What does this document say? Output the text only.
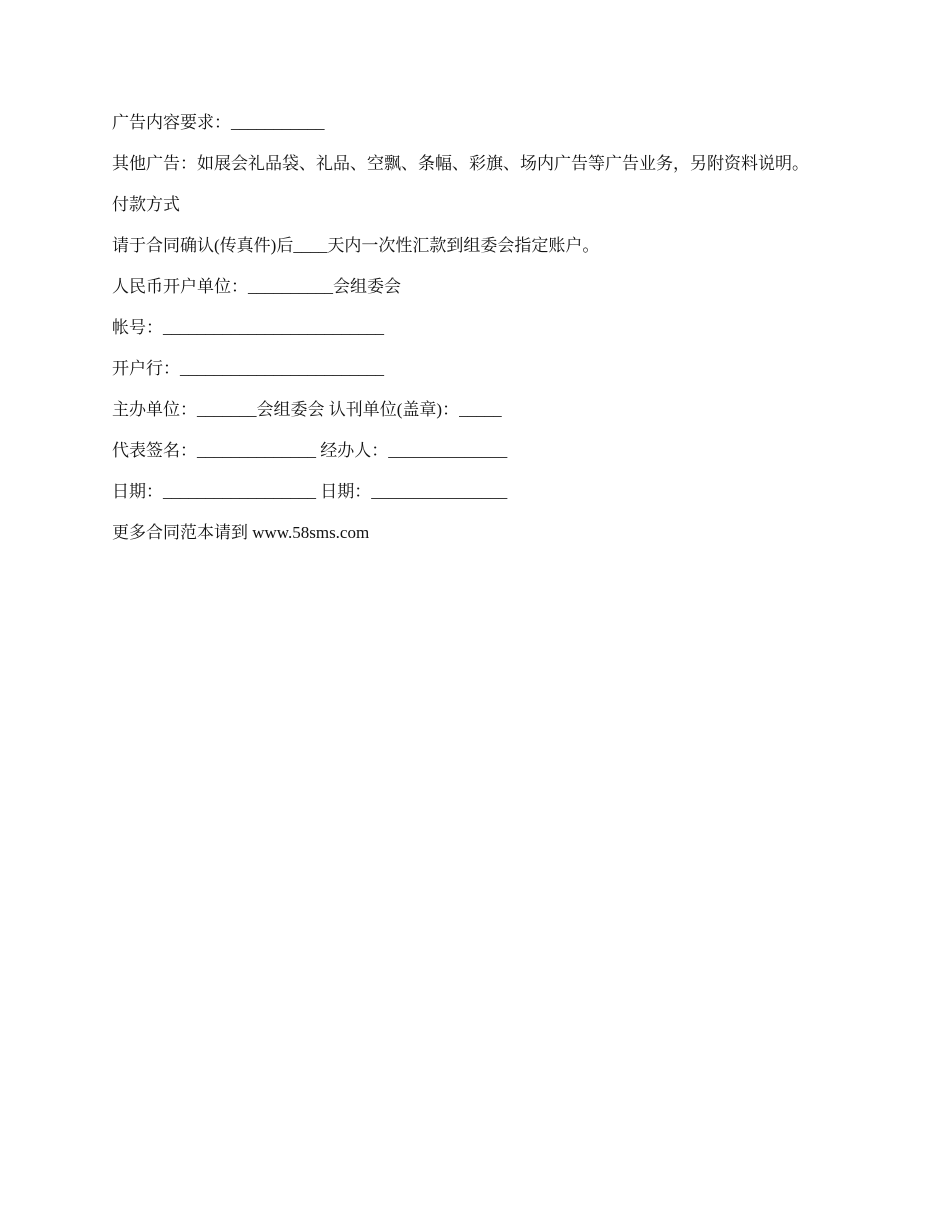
广告内容要求：___________

其他广告：如展会礼品袋、礼品、空飘、条幅、彩旗、场内广告等广告业务，另附资料说明。

付款方式

请于合同确认(传真件)后____天内一次性汇款到组委会指定账户。

人民币开户单位：__________会组委会

帐号：__________________________

开户行：________________________

主办单位：_______会组委会 认刊单位(盖章)：_____

代表签名：______________ 经办人：______________

日期：__________________ 日期：________________

更多合同范本请到 www.58sms.com
